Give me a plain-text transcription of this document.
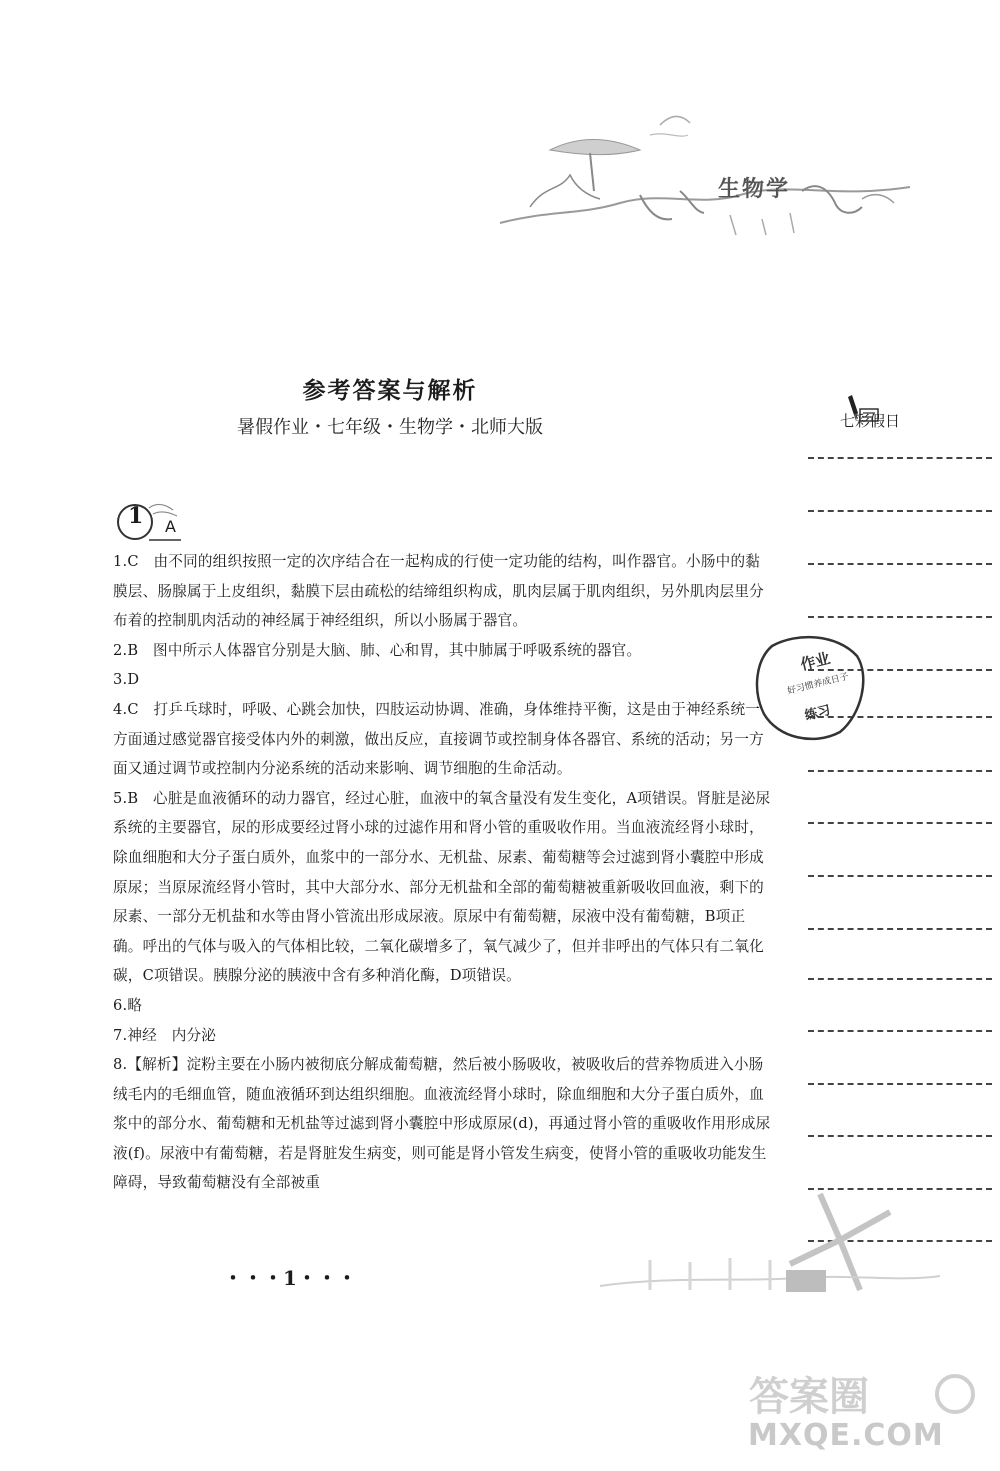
生物学
参考答案与解析
暑假作业・七年级・生物学・北师大版	七彩假日
作业
好习惯养成日子
练习
1 A

1.C　由不同的组织按照一定的次序结合在一起构成的行使一定功能的结构，叫作器官。小肠中的黏膜层、肠腺属于上皮组织，黏膜下层由疏松的结缔组织构成，肌肉层属于肌肉组织，另外肌肉层里分布着的控制肌肉活动的神经属于神经组织，所以小肠属于器官。

2.B　图中所示人体器官分别是大脑、肺、心和胃，其中肺属于呼吸系统的器官。

3.D

4.C　打乒乓球时，呼吸、心跳会加快，四肢运动协调、准确，身体维持平衡，这是由于神经系统一方面通过感觉器官接受体内外的刺激，做出反应，直接调节或控制身体各器官、系统的活动；另一方面又通过调节或控制内分泌系统的活动来影响、调节细胞的生命活动。

5.B　心脏是血液循环的动力器官，经过心脏，血液中的氧含量没有发生变化，A项错误。肾脏是泌尿系统的主要器官，尿的形成要经过肾小球的过滤作用和肾小管的重吸收作用。当血液流经肾小球时，除血细胞和大分子蛋白质外，血浆中的一部分水、无机盐、尿素、葡萄糖等会过滤到肾小囊腔中形成原尿；当原尿流经肾小管时，其中大部分水、部分无机盐和全部的葡萄糖被重新吸收回血液，剩下的尿素、一部分无机盐和水等由肾小管流出形成尿液。原尿中有葡萄糖，尿液中没有葡萄糖，B项正确。呼出的气体与吸入的气体相比较，二氧化碳增多了，氧气减少了，但并非呼出的气体只有二氧化碳，C项错误。胰腺分泌的胰液中含有多种消化酶，D项错误。

6.略

7.神经　内分泌

8.【解析】淀粉主要在小肠内被彻底分解成葡萄糖，然后被小肠吸收，被吸收后的营养物质进入小肠绒毛内的毛细血管，随血液循环到达组织细胞。血液流经肾小球时，除血细胞和大分子蛋白质外，血浆中的部分水、葡萄糖和无机盐等过滤到肾小囊腔中形成原尿(d)，再通过肾小管的重吸收作用形成尿液(f)。尿液中有葡萄糖，若是肾脏发生病变，则可能是肾小管发生病变，使肾小管的重吸收功能发生障碍，导致葡萄糖没有全部被重

・・・1・・・
答案圈
MXQE.COM
